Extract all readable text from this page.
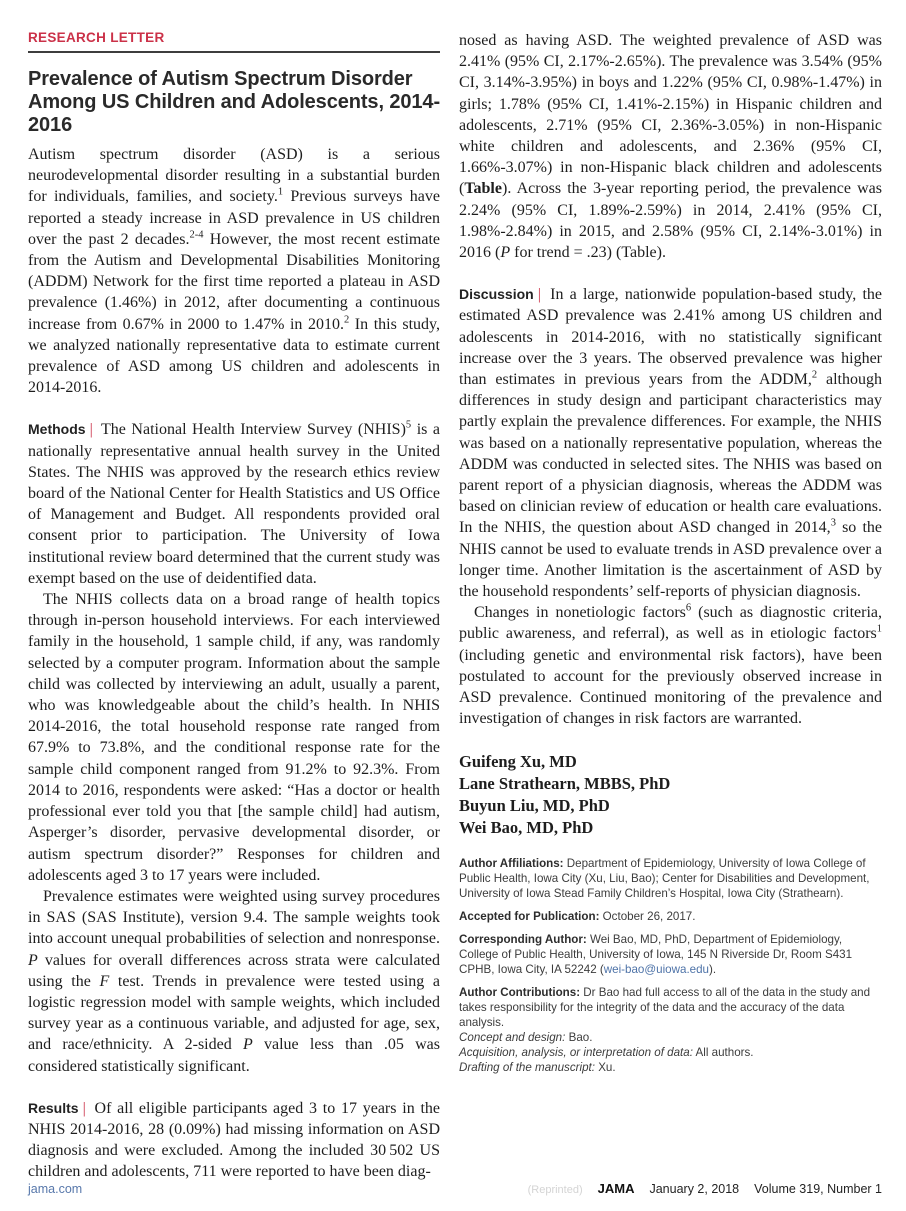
RESEARCH LETTER
Prevalence of Autism Spectrum Disorder
Among US Children and Adolescents, 2014-2016

Autism spectrum disorder (ASD) is a serious neurodevelopmental disorder resulting in a substantial burden for individuals, families, and society.$^1$ Previous surveys have reported a steady increase in ASD prevalence in US children over the past 2 decades.$^{2-4}$ However, the most recent estimate from the Autism and Developmental Disabilities Monitoring (ADDM) Network for the first time reported a plateau in ASD prevalence (1.46%) in 2012, after documenting a continuous increase from 0.67% in 2000 to 1.47% in 2010.$^2$ In this study, we analyzed nationally representative data to estimate current prevalence of ASD among US children and adolescents in 2014-2016.

Methods | The National Health Interview Survey (NHIS)$^5$ is a nationally representative annual health survey in the United States. The NHIS was approved by the research ethics review board of the National Center for Health Statistics and US Office of Management and Budget. All respondents provided oral consent prior to participation. The University of Iowa institutional review board determined that the current study was exempt based on the use of deidentified data.

The NHIS collects data on a broad range of health topics through in-person household interviews. For each interviewed family in the household, 1 sample child, if any, was randomly selected by a computer program. Information about the sample child was collected by interviewing an adult, usually a parent, who was knowledgeable about the child’s health. In NHIS 2014-2016, the total household response rate ranged from 67.9% to 73.8%, and the conditional response rate for the sample child component ranged from 91.2% to 92.3%. From 2014 to 2016, respondents were asked: “Has a doctor or health professional ever told you that [the sample child] had autism, Asperger’s disorder, pervasive developmental disorder, or autism spectrum disorder?” Responses for children and adolescents aged 3 to 17 years were included.

Prevalence estimates were weighted using survey procedures in SAS (SAS Institute), version 9.4. The sample weights took into account unequal probabilities of selection and nonresponse. P values for overall differences across strata were calculated using the F test. Trends in prevalence were tested using a logistic regression model with sample weights, which included survey year as a continuous variable, and adjusted for age, sex, and race/ethnicity. A 2-sided P value less than .05 was considered statistically significant.

Results | Of all eligible participants aged 3 to 17 years in the NHIS 2014-2016, 28 (0.09%) had missing information on ASD diagnosis and were excluded. Among the included 30 502 US children and adolescents, 711 were reported to have been diag-

nosed as having ASD. The weighted prevalence of ASD was 2.41% (95% CI, 2.17%-2.65%). The prevalence was 3.54% (95% CI, 3.14%-3.95%) in boys and 1.22% (95% CI, 0.98%-1.47%) in girls; 1.78% (95% CI, 1.41%-2.15%) in Hispanic children and adolescents, 2.71% (95% CI, 2.36%-3.05%) in non-Hispanic white children and adolescents, and 2.36% (95% CI, 1.66%-3.07%) in non-Hispanic black children and adolescents (Table). Across the 3-year reporting period, the prevalence was 2.24% (95% CI, 1.89%-2.59%) in 2014, 2.41% (95% CI, 1.98%-2.84%) in 2015, and 2.58% (95% CI, 2.14%-3.01%) in 2016 (P for trend = .23) (Table).

Discussion | In a large, nationwide population-based study, the estimated ASD prevalence was 2.41% among US children and adolescents in 2014-2016, with no statistically significant increase over the 3 years. The observed prevalence was higher than estimates in previous years from the ADDM,$^2$ although differences in study design and participant characteristics may partly explain the prevalence differences. For example, the NHIS was based on a nationally representative population, whereas the ADDM was conducted in selected sites. The NHIS was based on parent report of a physician diagnosis, whereas the ADDM was based on clinician review of education or health care evaluations. In the NHIS, the question about ASD changed in 2014,$^3$ so the NHIS cannot be used to evaluate trends in ASD prevalence over a longer time. Another limitation is the ascertainment of ASD by the household respondents’ self-reports of physician diagnosis.

Changes in nonetiologic factors$^6$ (such as diagnostic criteria, public awareness, and referral), as well as in etiologic factors$^1$ (including genetic and environmental risk factors), have been postulated to account for the previously observed increase in ASD prevalence. Continued monitoring of the prevalence and investigation of changes in risk factors are warranted.

Guifeng Xu, MD

Lane Strathearn, MBBS, PhD

Buyun Liu, MD, PhD

Wei Bao, MD, PhD

Author Affiliations: Department of Epidemiology, University of Iowa College of Public Health, Iowa City (Xu, Liu, Bao); Center for Disabilities and Development, University of Iowa Stead Family Children’s Hospital, Iowa City (Strathearn).

Accepted for Publication: October 26, 2017.

Corresponding Author: Wei Bao, MD, PhD, Department of Epidemiology, College of Public Health, University of Iowa, 145 N Riverside Dr, Room S431 CPHB, Iowa City, IA 52242 (wei-bao@uiowa.edu).

Author Contributions: Dr Bao had full access to all of the data in the study and takes responsibility for the integrity of the data and the accuracy of the data analysis.
Concept and design: Bao.
Acquisition, analysis, or interpretation of data: All authors.
Drafting of the manuscript: Xu.

jama.com	(Reprinted) JAMA January 2, 2018 Volume 319, Number 1
